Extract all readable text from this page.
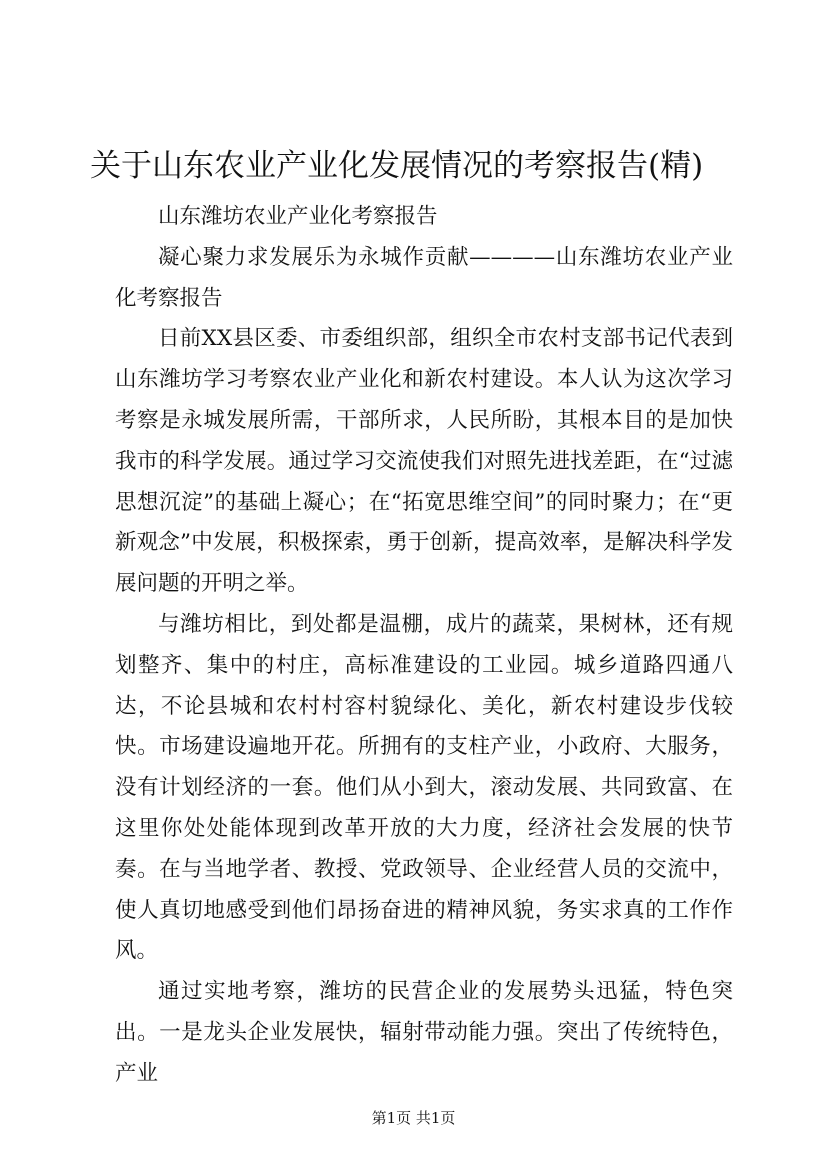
关于山东农业产业化发展情况的考察报告(精)

山东潍坊农业产业化考察报告

凝心聚力求发展乐为永城作贡献————山东潍坊农业产业化考察报告

日前XX县区委、市委组织部，组织全市农村支部书记代表到山东潍坊学习考察农业产业化和新农村建设。本人认为这次学习考察是永城发展所需，干部所求，人民所盼，其根本目的是加快我市的科学发展。通过学习交流使我们对照先进找差距，在“过滤思想沉淀”的基础上凝心；在“拓宽思维空间”的同时聚力；在“更新观念”中发展，积极探索，勇于创新，提高效率，是解决科学发展问题的开明之举。

与潍坊相比，到处都是温棚，成片的蔬菜，果树林，还有规划整齐、集中的村庄，高标准建设的工业园。城乡道路四通八达，不论县城和农村村容村貌绿化、美化，新农村建设步伐较快。市场建设遍地开花。所拥有的支柱产业，小政府、大服务，没有计划经济的一套。他们从小到大，滚动发展、共同致富、在这里你处处能体现到改革开放的大力度，经济社会发展的快节奏。在与当地学者、教授、党政领导、企业经营人员的交流中，使人真切地感受到他们昂扬奋进的精神风貌，务实求真的工作作风。

通过实地考察，潍坊的民营企业的发展势头迅猛，特色突出。一是龙头企业发展快，辐射带动能力强。突出了传统特色，产业

第1页 共1页
